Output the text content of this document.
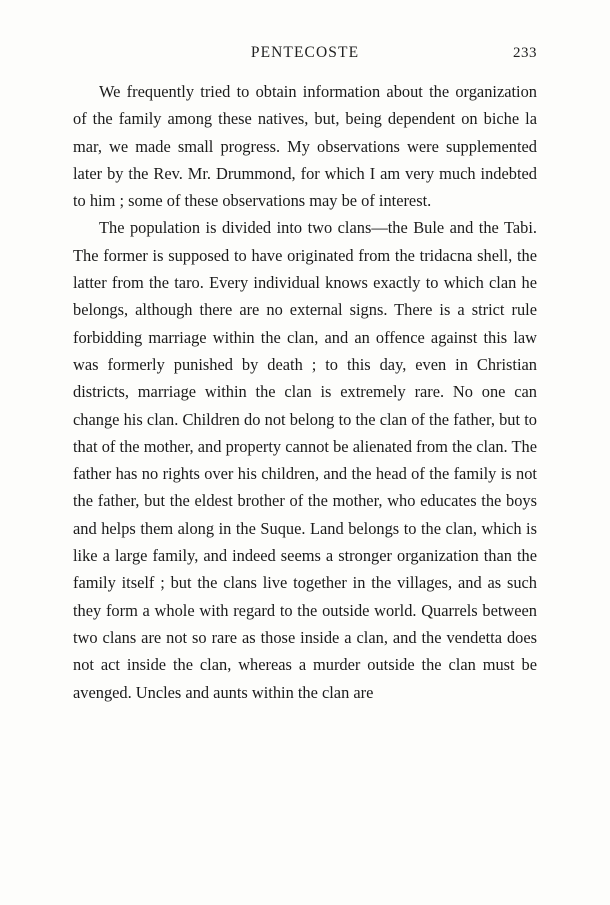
PENTECOSTE	233

We frequently tried to obtain information about the organization of the family among these natives, but, being dependent on biche la mar, we made small progress. My observations were supplemented later by the Rev. Mr. Drummond, for which I am very much indebted to him ; some of these observations may be of interest.

The population is divided into two clans—the Bule and the Tabi. The former is supposed to have originated from the tridacna shell, the latter from the taro. Every individual knows exactly to which clan he belongs, although there are no external signs. There is a strict rule forbidding marriage within the clan, and an offence against this law was formerly punished by death ; to this day, even in Christian districts, marriage within the clan is extremely rare. No one can change his clan. Children do not belong to the clan of the father, but to that of the mother, and property cannot be alienated from the clan. The father has no rights over his children, and the head of the family is not the father, but the eldest brother of the mother, who educates the boys and helps them along in the Suque. Land belongs to the clan, which is like a large family, and indeed seems a stronger organization than the family itself ; but the clans live together in the villages, and as such they form a whole with regard to the outside world. Quarrels between two clans are not so rare as those inside a clan, and the vendetta does not act inside the clan, whereas a murder outside the clan must be avenged. Uncles and aunts within the clan are
